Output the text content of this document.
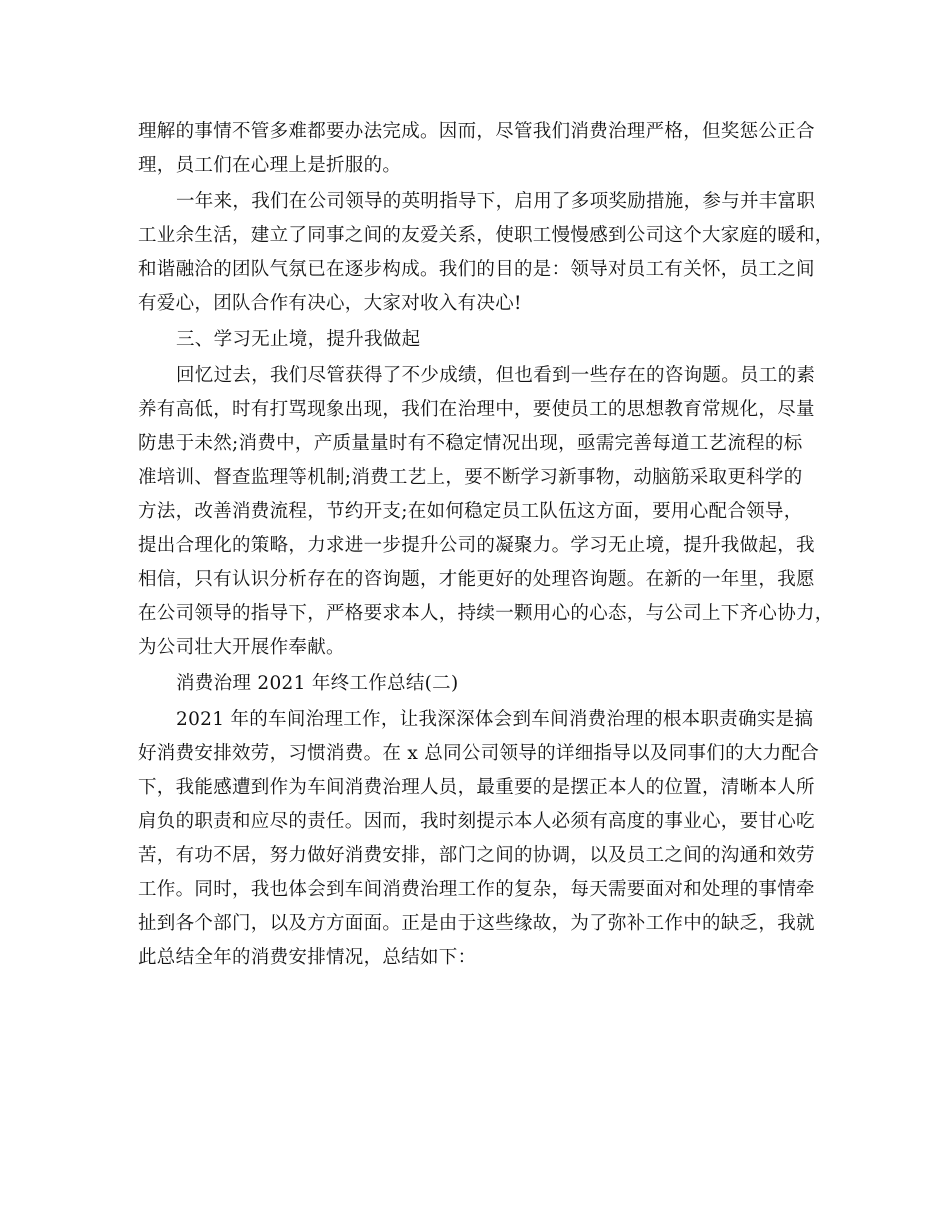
理解的事情不管多难都要办法完成。因而，尽管我们消费治理严格，但奖惩公正合
理，员工们在心理上是折服的。
一年来，我们在公司领导的英明指导下，启用了多项奖励措施，参与并丰富职
工业余生活，建立了同事之间的友爱关系，使职工慢慢感到公司这个大家庭的暖和，
和谐融洽的团队气氛已在逐步构成。我们的目的是：领导对员工有关怀，员工之间
有爱心，团队合作有决心，大家对收入有决心!
三、学习无止境，提升我做起
回忆过去，我们尽管获得了不少成绩，但也看到一些存在的咨询题。员工的素
养有高低，时有打骂现象出现，我们在治理中，要使员工的思想教育常规化，尽量
防患于未然;消费中，产质量量时有不稳定情况出现，亟需完善每道工艺流程的标
准培训、督查监理等机制;消费工艺上，要不断学习新事物，动脑筋采取更科学的
方法，改善消费流程，节约开支;在如何稳定员工队伍这方面，要用心配合领导，
提出合理化的策略，力求进一步提升公司的凝聚力。学习无止境，提升我做起，我
相信，只有认识分析存在的咨询题，才能更好的处理咨询题。在新的一年里，我愿
在公司领导的指导下，严格要求本人，持续一颗用心的心态，与公司上下齐心协力，
为公司壮大开展作奉献。
消费治理 2021 年终工作总结(二)
2021 年的车间治理工作，让我深深体会到车间消费治理的根本职责确实是搞
好消费安排效劳，习惯消费。在 x 总同公司领导的详细指导以及同事们的大力配合
下，我能感遭到作为车间消费治理人员，最重要的是摆正本人的位置，清晰本人所
肩负的职责和应尽的责任。因而，我时刻提示本人必须有高度的事业心，要甘心吃
苦，有功不居，努力做好消费安排，部门之间的协调，以及员工之间的沟通和效劳
工作。同时，我也体会到车间消费治理工作的复杂，每天需要面对和处理的事情牵
扯到各个部门，以及方方面面。正是由于这些缘故，为了弥补工作中的缺乏，我就
此总结全年的消费安排情况，总结如下：
